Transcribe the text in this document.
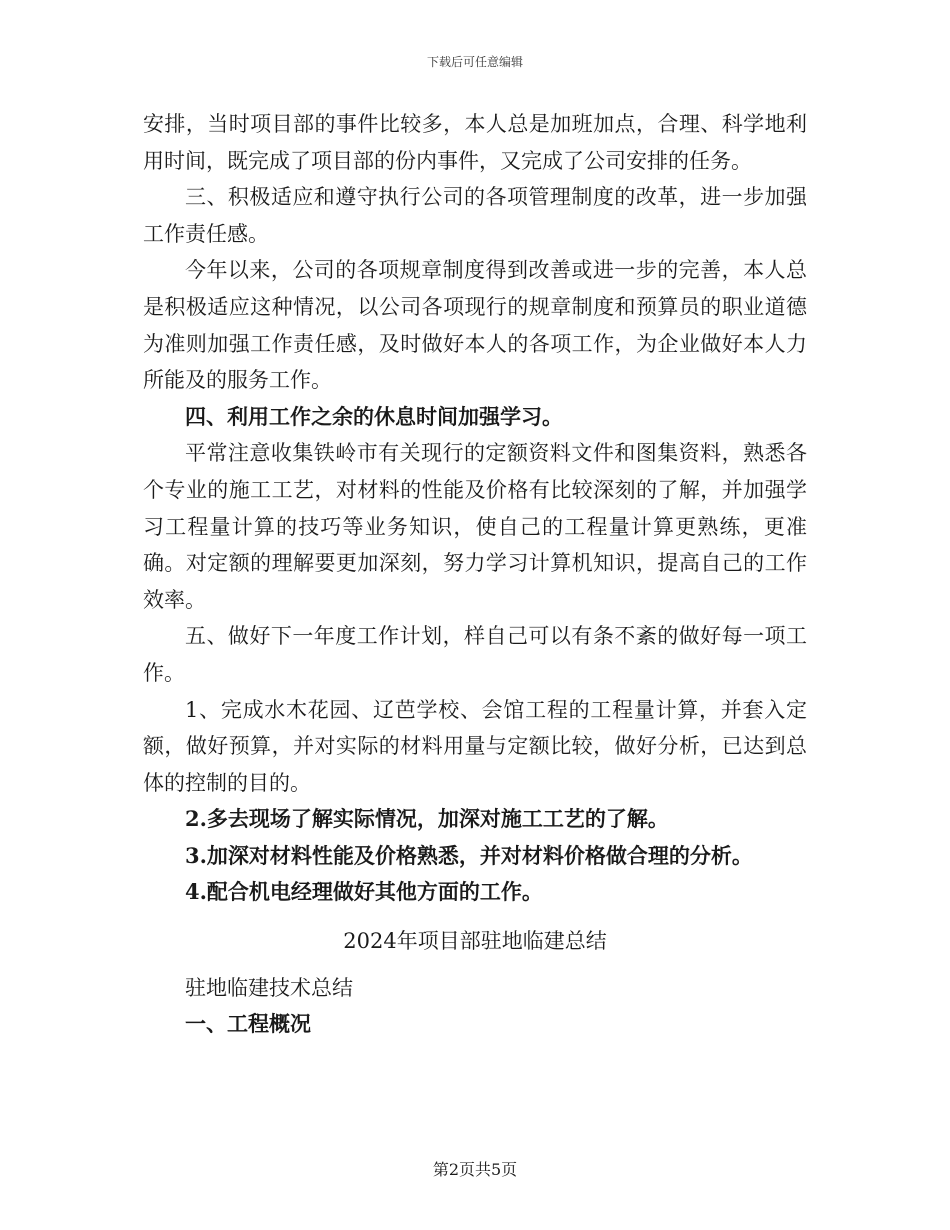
下载后可任意编辑

安排，当时项目部的事件比较多，本人总是加班加点，合理、科学地利用时间，既完成了项目部的份内事件，又完成了公司安排的任务。

三、积极适应和遵守执行公司的各项管理制度的改革，进一步加强工作责任感。

今年以来，公司的各项规章制度得到改善或进一步的完善，本人总是积极适应这种情况，以公司各项现行的规章制度和预算员的职业道德为准则加强工作责任感，及时做好本人的各项工作，为企业做好本人力所能及的服务工作。

四、利用工作之余的休息时间加强学习。

平常注意收集铁岭市有关现行的定额资料文件和图集资料，熟悉各个专业的施工工艺，对材料的性能及价格有比较深刻的了解，并加强学习工程量计算的技巧等业务知识，使自己的工程量计算更熟练，更准确。对定额的理解要更加深刻，努力学习计算机知识，提高自己的工作效率。

五、做好下一年度工作计划，样自己可以有条不紊的做好每一项工作。

1、完成水木花园、辽芭学校、会馆工程的工程量计算，并套入定额，做好预算，并对实际的材料用量与定额比较，做好分析，已达到总体的控制的目的。

2.多去现场了解实际情况，加深对施工工艺的了解。

3.加深对材料性能及价格熟悉，并对材料价格做合理的分析。

4.配合机电经理做好其他方面的工作。

2024年项目部驻地临建总结

驻地临建技术总结

一、工程概况

第2页共5页
